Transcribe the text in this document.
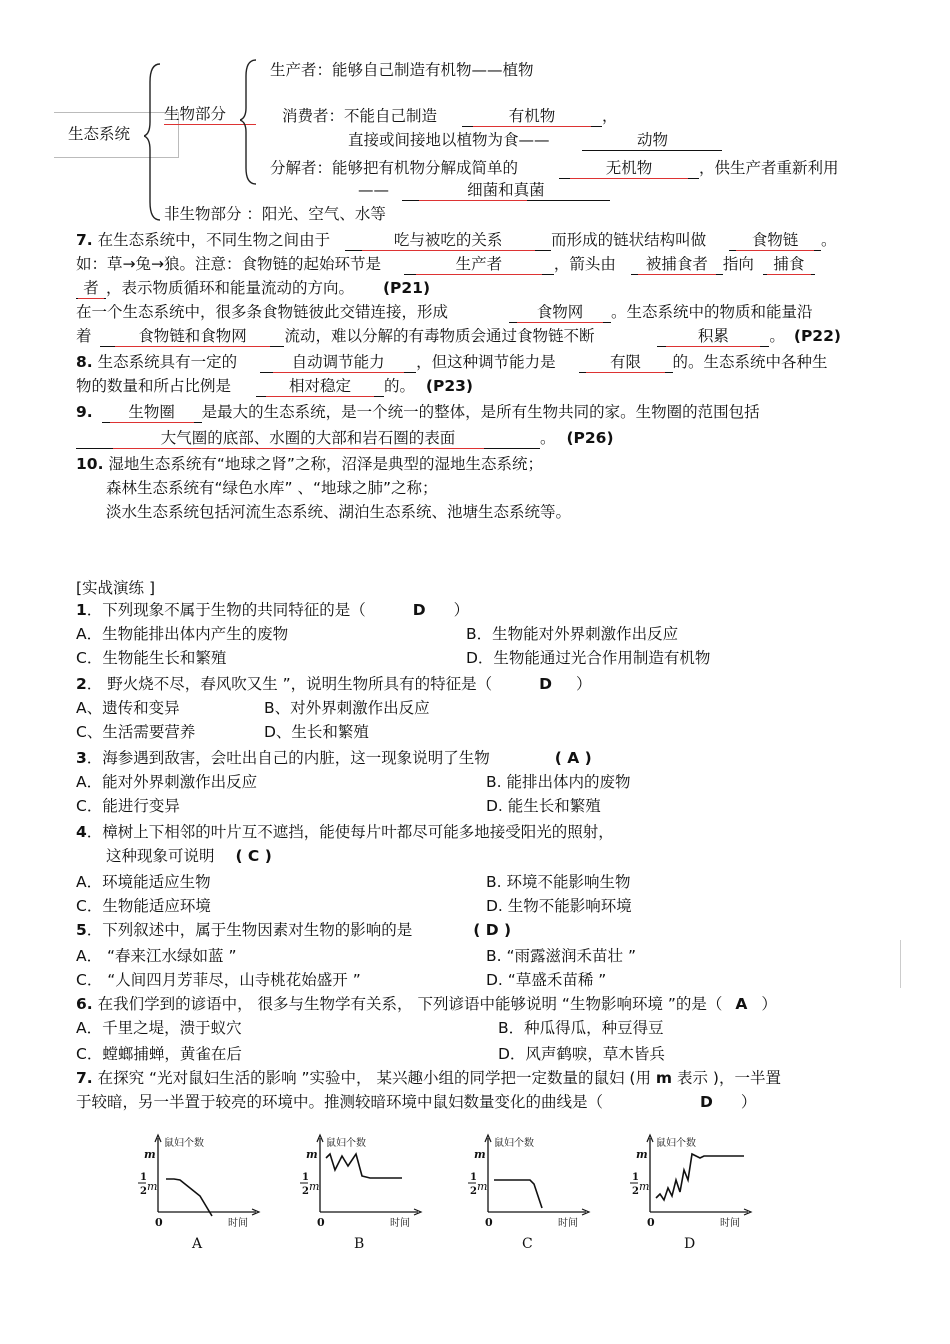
生态系统
生物部分
生产者：能够自己制造有机物——植物
消费者：不能自己制造	有机物	，
直接或间接地以植物为食——	动物
分解者：能够把有机物分解成简单的	无机物	，供生产者重新利用
——	细菌和真菌
非生物部分 ：阳光、空气、水等
7. 在生态系统中，不同生物之间由于	吃与被吃的关系	而形成的链状结构叫做	食物链 。
如：草→兔→狼。注意：食物链的起始环节是	生产者	，箭头由 被捕食者 指向 捕食
者 ，表示物质循环和能量流动的方向。 (P21)
在一个生态系统中，很多条食物链彼此交错连接，形成	食物网 。生态系统中的物质和能量沿
着	食物链和食物网 流动，难以分解的有毒物质会通过食物链不断	积累	。 (P22)
8. 生态系统具有一定的	自动调节能力 ，但这种调节能力是	有限 的。生态系统中各种生
物的数量和所占比例是	相对稳定 的。 (P23)
9. 生物圈 是最大的生态系统，是一个统一的整体，是所有生物共同的家。生物圈的范围包括
大气圈的底部、水圈的大部和岩石圈的表面	。 (P26)
10. 湿地生态系统有“地球之肾”之称，沼泽是典型的湿地生态系统；
森林生态系统有“绿色水库” 、“地球之肺”之称；
淡水生态系统包括河流生态系统、湖泊生态系统、池塘生态系统等。
[实战演练 ]
1．下列现象不属于生物的共同特征的是（	D ）
A．生物能排出体内产生的废物	B．生物能对外界刺激作出反应
C．生物能生长和繁殖	D．生物能通过光合作用制造有机物
2． 野火烧不尽，春风吹又生 ”，说明生物所具有的特征是（	D ）
A、遗传和变异	B、对外界刺激作出反应
C、生活需要营养	D、生长和繁殖
3．海参遇到敌害，会吐出自己的内脏，这一现象说明了生物	( A )
A．能对外界刺激作出反应	B. 能排出体内的废物
C．能进行变异	D. 能生长和繁殖
4．樟树上下相邻的叶片互不遮挡，能使每片叶都尽可能多地接受阳光的照射，
这种现象可说明 ( C )
A．环境能适应生物	B. 环境不能影响生物
C．生物能适应环境	D. 生物不能影响环境
5．下列叙述中，属于生物因素对生物的影响的是	( D )
A． “春来江水绿如蓝 ”	B. “雨露滋润禾苗壮 ”
C． “人间四月芳菲尽，山寺桃花始盛开 ”	D. “草盛禾苗稀 ”
6. 在我们学到的谚语中， 很多与生物学有关系， 下列谚语中能够说明 “生物影响环境 ”的是（ A ）
A．千里之堤，溃于蚁穴	B．种瓜得瓜，种豆得豆
C．螳螂捕蝉，黄雀在后	D．风声鹤唳，草木皆兵
7. 在探究 “光对鼠妇生活的影响 ”实验中， 某兴趣小组的同学把一定数量的鼠妇 (用 m 表示 )，一半置
于较暗，另一半置于较亮的环境中。推测较暗环境中鼠妇数量变化的曲线是（	D ）
鼠妇个数
m
1
2 m
0	时间
A
鼠妇个数
m
1
2 m
0	时间
B
鼠妇个数
m
1
2 m
0	时间
C
鼠妇个数
m
1
2 m
0	时间
D
